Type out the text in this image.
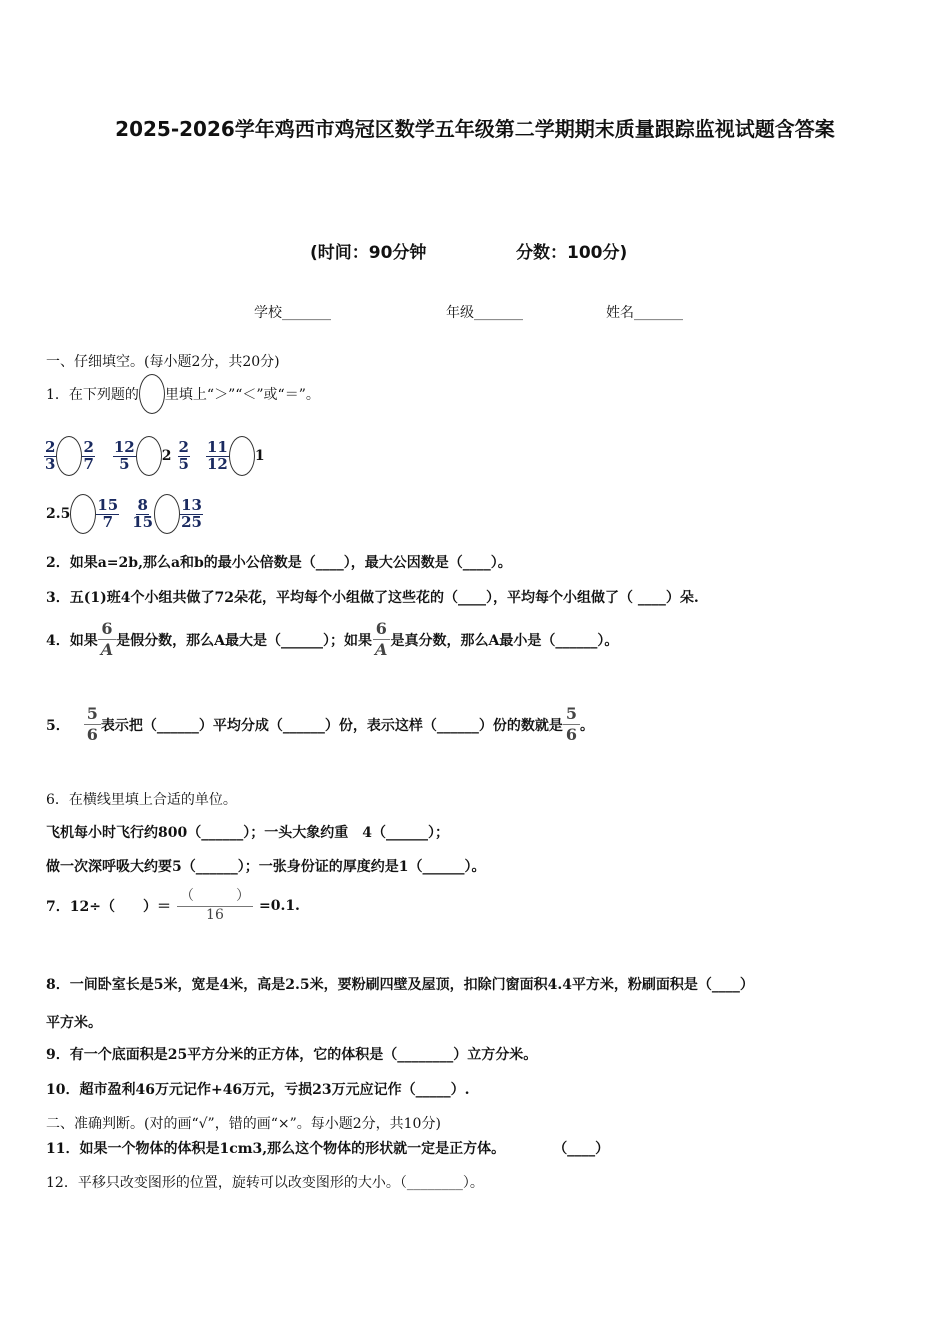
2025-2026学年鸡西市鸡冠区数学五年级第二学期期末质量跟踪监视试题含答案
(时间：90分钟	分数：100分)
学校_______	年级_______	姓名_______
一、仔细填空。(每小题2分，共20分)
1．在下列题的 里填上“＞”“＜”或“＝”。
$\frac{2}{3} \frac{2}{7} \frac{12}{5} 2 \frac{2}{5} \frac{11}{12} 1$
$2.5 \frac{15}{7} \frac{8}{15} \frac{13}{25}$
2．如果a=2b,那么a和b的最小公倍数是（____），最大公因数是（____）。
3．五(1)班4个小组共做了72朵花，平均每个小组做了这些花的（____），平均每个小组做了（ ____）朵.
4．如果 $\frac{6}{A}$ 是假分数，那么A最大是（______）；如果 $\frac{6}{A}$ 是真分数，那么A最小是（______）。
5． $\frac{5}{6}$ 表示把（______）平均分成（______）份，表示这样（______）份的数就是 $\frac{5}{6}$ 。
6．在横线里填上合适的单位。
飞机每小时飞行约800（______）；一头大象约重　4（______）；
做一次深呼吸大约要5（______）；一张身份证的厚度约是1（______）。
7．12÷（　　）＝ $\frac{( )}{16} =0.1$.
8．一间卧室长是5米，宽是4米，高是2.5米，要粉刷四壁及屋顶，扣除门窗面积4.4平方米，粉刷面积是（____）
平方米。
9．有一个底面积是25平方分米的正方体，它的体积是（________）立方分米。
10．超市盈利46万元记作+46万元，亏损23万元应记作（_____）.
二、准确判断。(对的画“√”，错的画“×”。每小题2分，共10分)
11．如果一个物体的体积是1cm3,那么这个物体的形状就一定是正方体。	（____）
12．平移只改变图形的位置，旋转可以改变图形的大小。（________）。
